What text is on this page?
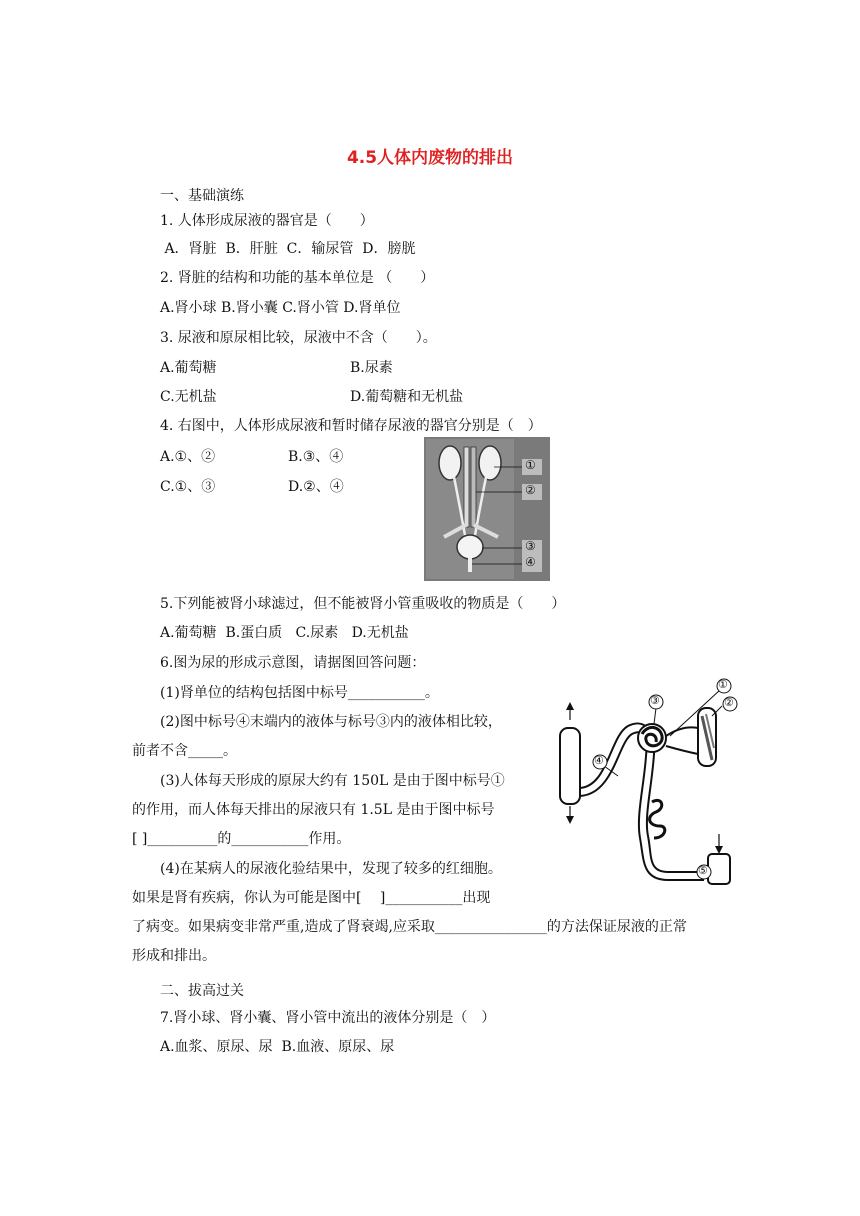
4.5人体内废物的排出
一、基础演练
1. 人体形成尿液的器官是（　　）
A．肾脏  B．肝脏  C．输尿管  D．膀胱
2. 肾脏的结构和功能的基本单位是 （　　）
A.肾小球 B.肾小囊 C.肾小管 D.肾单位
3. 尿液和原尿相比较，尿液中不含（　　）。
A.葡萄糖	B.尿素
C.无机盐	D.葡萄糖和无机盐
4. 右图中，人体形成尿液和暂时储存尿液的器官分别是（　）
A.①、②	B.③、④
C.①、③	D.②、④
①
②
③
④
5.下列能被肾小球滤过，但不能被肾小管重吸收的物质是（　　）
A.葡萄糖  B.蛋白质   C.尿素   D.无机盐
6.图为尿的形成示意图，请据图回答问题：
(1)肾单位的结构包括图中标号___________。
(2)图中标号④末端内的液体与标号③内的液体相比较，
前者不含_____。
(3)人体每天形成的原尿大约有 150L 是由于图中标号①
的作用，而人体每天排出的尿液只有 1.5L 是由于图中标号
[ ]__________的___________作用。
(4)在某病人的尿液化验结果中，发现了较多的红细胞。
如果是肾有疾病，你认为可能是图中[　 ]___________出现
了病变。如果病变非常严重,造成了肾衰竭,应采取________________的方法保证尿液的正常
形成和排出。
①
②
③
④
⑤
二、拔高过关
7.肾小球、肾小囊、肾小管中流出的液体分别是（　）
A.血浆、原尿、尿  B.血液、原尿、尿
